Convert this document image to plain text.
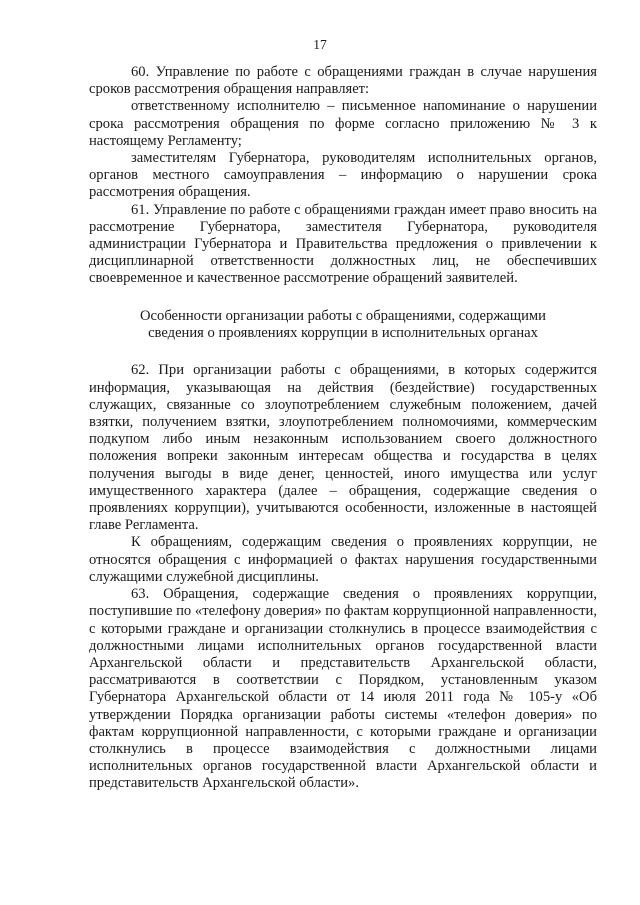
17

60. Управление по работе с обращениями граждан в случае нарушения сроков рассмотрения обращения направляет:

ответственному исполнителю – письменное напоминание о нарушении срока рассмотрения обращения по форме согласно приложению № 3 к настоящему Регламенту;

заместителям Губернатора, руководителям исполнительных органов, органов местного самоуправления – информацию о нарушении срока рассмотрения обращения.

61. Управление по работе с обращениями граждан имеет право вносить на рассмотрение Губернатора, заместителя Губернатора, руководителя администрации Губернатора и Правительства предложения о привлечении к дисциплинарной ответственности должностных лиц, не обеспечивших своевременное и качественное рассмотрение обращений заявителей.

Особенности организации работы с обращениями, содержащими
сведения о проявлениях коррупции в исполнительных органах

62. При организации работы с обращениями, в которых содержится информация, указывающая на действия (бездействие) государственных служащих, связанные со злоупотреблением служебным положением, дачей взятки, получением взятки, злоупотреблением полномочиями, коммерческим подкупом либо иным незаконным использованием своего должностного положения вопреки законным интересам общества и государства в целях получения выгоды в виде денег, ценностей, иного имущества или услуг имущественного характера (далее – обращения, содержащие сведения о проявлениях коррупции), учитываются особенности, изложенные в настоящей главе Регламента.

К обращениям, содержащим сведения о проявлениях коррупции, не относятся обращения с информацией о фактах нарушения государственными служащими служебной дисциплины.

63. Обращения, содержащие сведения о проявлениях коррупции, поступившие по «телефону доверия» по фактам коррупционной направленности, с которыми граждане и организации столкнулись в процессе взаимодействия с должностными лицами исполнительных органов государственной власти Архангельской области и представительств Архангельской области, рассматриваются в соответствии с Порядком, установленным указом Губернатора Архангельской области от 14 июля 2011 года № 105-у «Об утверждении Порядка организации работы системы «телефон доверия» по фактам коррупционной направленности, с которыми граждане и организации столкнулись в процессе взаимодействия с должностными лицами исполнительных органов государственной власти Архангельской области и представительств Архангельской области».
